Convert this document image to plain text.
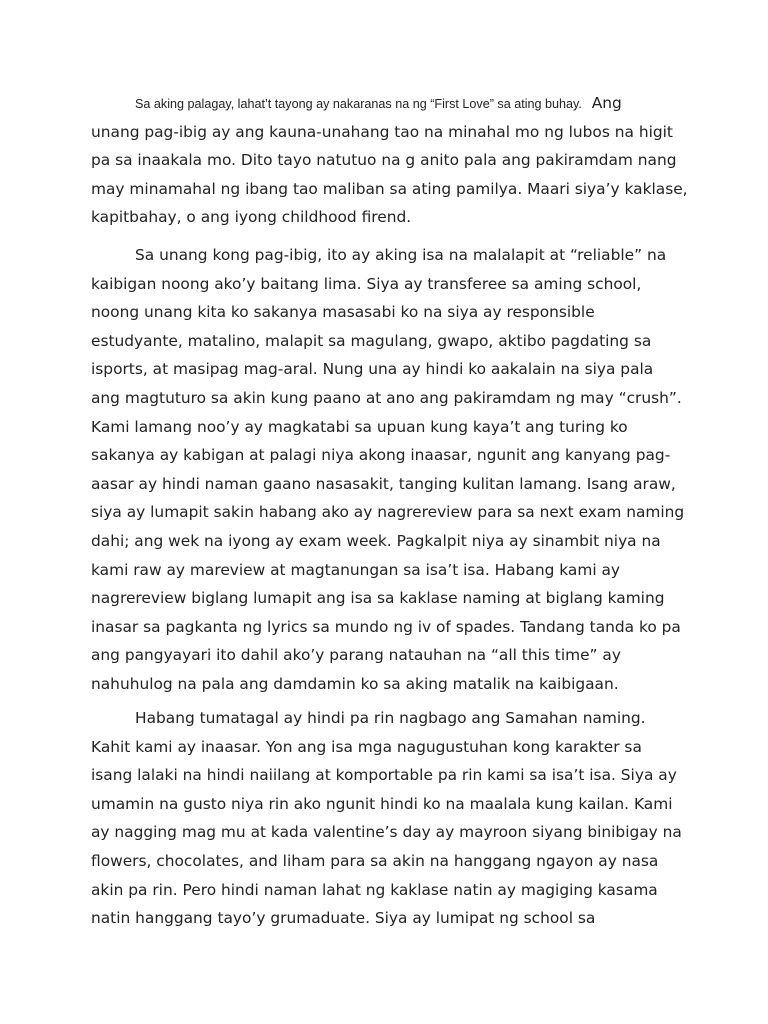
Sa aking palagay, lahat’t tayong ay nakaranas na ng “First Love” sa ating buhay. Ang
unang pag-ibig ay ang kauna-unahang tao na minahal mo ng lubos na higit
pa sa inaakala mo. Dito tayo natutuo na g anito pala ang pakiramdam nang
may minamahal ng ibang tao maliban sa ating pamilya. Maari siya’y kaklase,
kapitbahay, o ang iyong childhood firend.
Sa unang kong pag-ibig, ito ay aking isa na malalapit at “reliable” na
kaibigan noong ako’y baitang lima. Siya ay transferee sa aming school,
noong unang kita ko sakanya masasabi ko na siya ay responsible
estudyante, matalino, malapit sa magulang, gwapo, aktibo pagdating sa
isports, at masipag mag-aral. Nung una ay hindi ko aakalain na siya pala
ang magtuturo sa akin kung paano at ano ang pakiramdam ng may “crush”.
Kami lamang noo’y ay magkatabi sa upuan kung kaya’t ang turing ko
sakanya ay kabigan at palagi niya akong inaasar, ngunit ang kanyang pag-
aasar ay hindi naman gaano nasasakit, tanging kulitan lamang. Isang araw,
siya ay lumapit sakin habang ako ay nagrereview para sa next exam naming
dahi; ang wek na iyong ay exam week. Pagkalpit niya ay sinambit niya na
kami raw ay mareview at magtanungan sa isa’t isa. Habang kami ay
nagrereview biglang lumapit ang isa sa kaklase naming at biglang kaming
inasar sa pagkanta ng lyrics sa mundo ng iv of spades. Tandang tanda ko pa
ang pangyayari ito dahil ako’y parang natauhan na “all this time” ay
nahuhulog na pala ang damdamin ko sa aking matalik na kaibigaan.
Habang tumatagal ay hindi pa rin nagbago ang Samahan naming.
Kahit kami ay inaasar. Yon ang isa mga nagugustuhan kong karakter sa
isang lalaki na hindi naiilang at komportable pa rin kami sa isa’t isa. Siya ay
umamin na gusto niya rin ako ngunit hindi ko na maalala kung kailan. Kami
ay nagging mag mu at kada valentine’s day ay mayroon siyang binibigay na
flowers, chocolates, and liham para sa akin na hanggang ngayon ay nasa
akin pa rin. Pero hindi naman lahat ng kaklase natin ay magiging kasama
natin hanggang tayo’y grumaduate. Siya ay lumipat ng school sa
